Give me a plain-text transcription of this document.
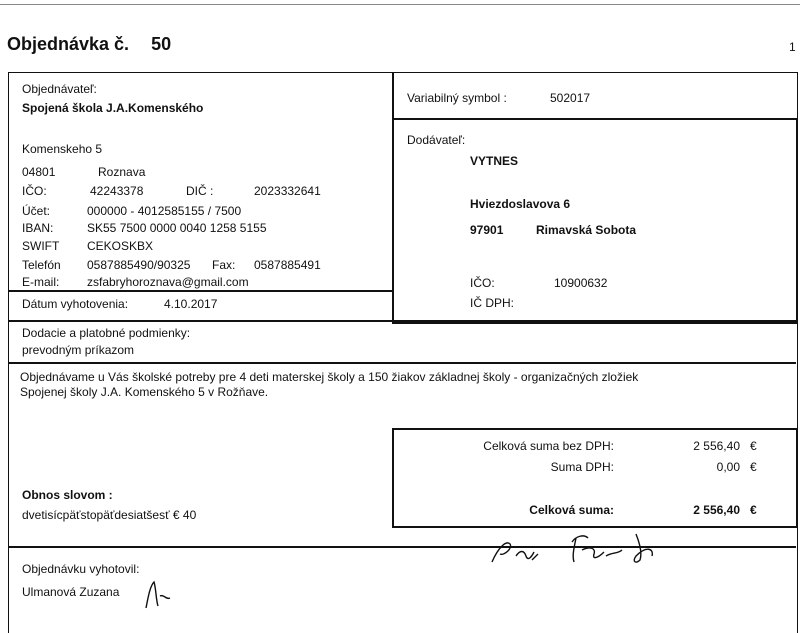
Objednávka č. 50	1
Objednávateľ:
Spojená škola J.A.Komenského
Komenskeho 5
04801	Roznava
IČO:	42243378	DIČ :	2023332641
Účet:	000000 - 4012585155 / 7500
IBAN:	SK55 7500 0000 0040 1258 5155
SWIFT CEKOSKBX
Telefón 0587885490/90325 Fax: 0587885491
E-mail: zsfabryhoroznava@gmail.com
Dátum vyhotovenia:	4.10.2017
Variabilný symbol :	502017
Dodávateľ:
VYTNES
Hviezdoslavova 6
97901	Rimavská Sobota
IČO:	10900632
IČ DPH:
Dodacie a platobné podmienky:
prevodným príkazom
Objednávame u Vás školské potreby pre 4 deti materskej školy a 150 žiakov základnej školy - organizačných zložiek
Spojenej školy J.A. Komenského 5 v Rožňave.
Celková suma bez DPH:	2 556,40 €
Suma DPH:	0,00 €
Celková suma:	2 556,40 €
Obnos slovom :
dvetisícpäťstopäťdesiatšesť € 40
Objednávku vyhotovil:
Ulmanová Zuzana
